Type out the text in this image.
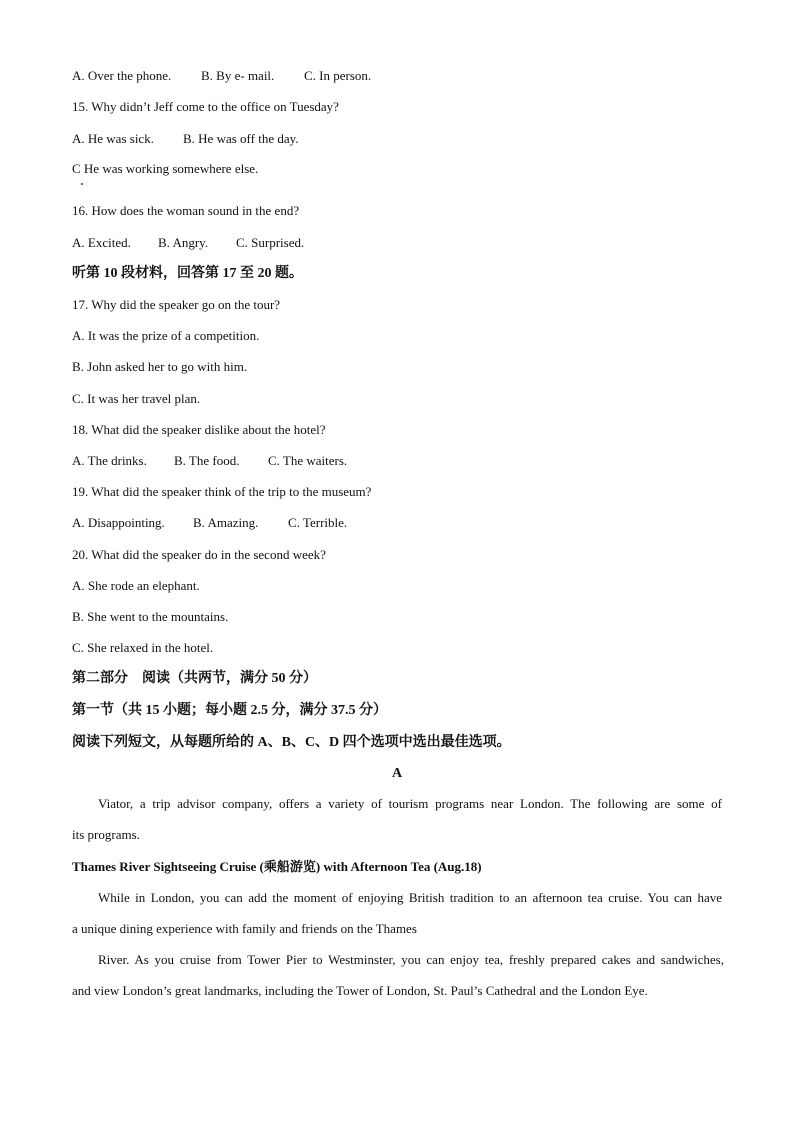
A. Over the phone. B. By e- mail. C. In person.
15. Why didn’t Jeff come to the office on Tuesday?
A. He was sick. B. He was off the day.
C He was working somewhere else.
16. How does the woman sound in the end?
A. Excited. B. Angry. C. Surprised.
听第 10 段材料，回答第 17 至 20 题。
17. Why did the speaker go on the tour?
A. It was the prize of a competition.
B. John asked her to go with him.
C. It was her travel plan.
18. What did the speaker dislike about the hotel?
A. The drinks. B. The food. C. The waiters.
19. What did the speaker think of the trip to the museum?
A. Disappointing. B. Amazing. C. Terrible.
20. What did the speaker do in the second week?
A. She rode an elephant.
B. She went to the mountains.
C. She relaxed in the hotel.
第二部分    阅读（共两节，满分 50 分）
第一节（共 15 小题；每小题 2.5 分，满分 37.5 分）
阅读下列短文，从每题所给的 A、B、C、D 四个选项中选出最佳选项。
A
Viator, a trip advisor company, offers a variety of tourism programs near London. The following are some of
its programs.
Thames River Sightseeing Cruise (乘船游览) with Afternoon Tea (Aug.18)
While in London, you can add the moment of enjoying British tradition to an afternoon tea cruise. You can have
a unique dining experience with family and friends on the Thames
River. As you cruise from Tower Pier to Westminster, you can enjoy tea, freshly prepared cakes and sandwiches,
and view London’s great landmarks, including the Tower of London, St. Paul’s Cathedral and the London Eye.
